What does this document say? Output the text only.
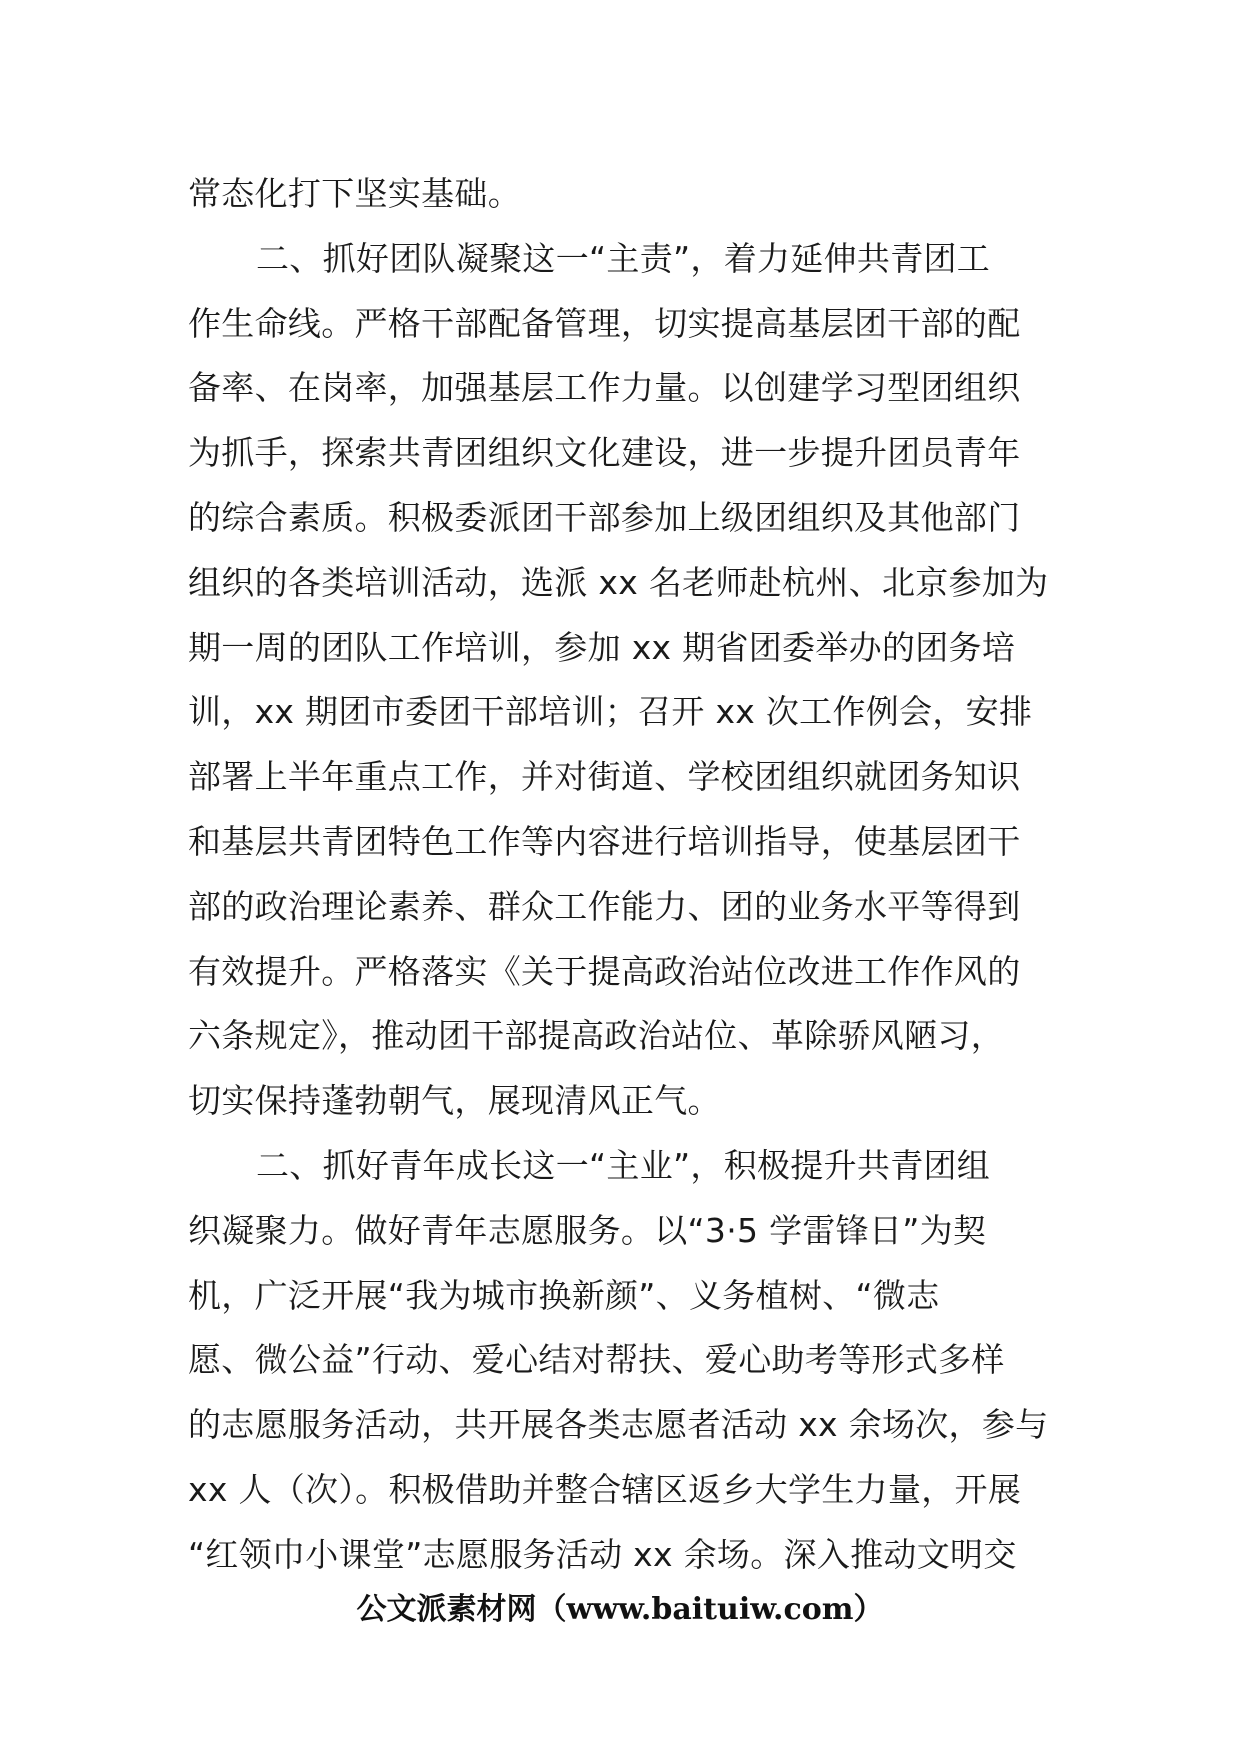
常态化打下坚实基础。
二、抓好团队凝聚这一“主责”，着力延伸共青团工
作生命线。严格干部配备管理，切实提高基层团干部的配
备率、在岗率，加强基层工作力量。以创建学习型团组织
为抓手，探索共青团组织文化建设，进一步提升团员青年
的综合素质。积极委派团干部参加上级团组织及其他部门
组织的各类培训活动，选派 xx 名老师赴杭州、北京参加为
期一周的团队工作培训，参加 xx 期省团委举办的团务培
训，xx 期团市委团干部培训；召开 xx 次工作例会，安排
部署上半年重点工作，并对街道、学校团组织就团务知识
和基层共青团特色工作等内容进行培训指导，使基层团干
部的政治理论素养、群众工作能力、团的业务水平等得到
有效提升。严格落实《关于提高政治站位改进工作作风的
六条规定》，推动团干部提高政治站位、革除骄风陋习，
切实保持蓬勃朝气，展现清风正气。
二、抓好青年成长这一“主业”，积极提升共青团组
织凝聚力。做好青年志愿服务。以“3·5 学雷锋日”为契
机，广泛开展“我为城市换新颜”、义务植树、“微志
愿、微公益”行动、爱心结对帮扶、爱心助考等形式多样
的志愿服务活动，共开展各类志愿者活动 xx 余场次，参与
xx 人（次）。积极借助并整合辖区返乡大学生力量，开展
“红领巾小课堂”志愿服务活动 xx 余场。深入推动文明交
公文派素材网（www.baituiw.com）
